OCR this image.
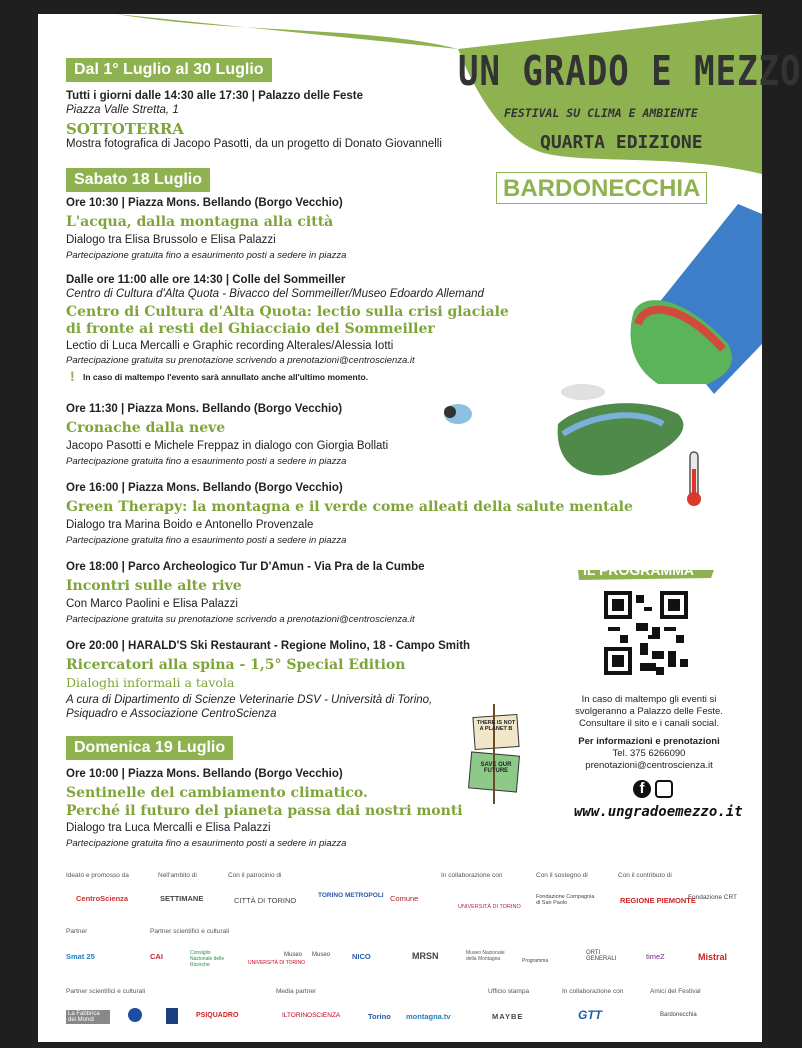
UN GRADO E MEZZO
FESTIVAL SU CLIMA E AMBIENTE
QUARTA EDIZIONE
BARDONECCHIA
Dal 1° Luglio al 30 Luglio
Tutti i giorni dalle 14:30 alle 17:30 | Palazzo delle Feste
Piazza Valle Stretta, 1
SOTTOTERRA
Mostra fotografica di Jacopo Pasotti, da un progetto di Donato Giovannelli
Sabato 18 Luglio
Ore 10:30 | Piazza Mons. Bellando (Borgo Vecchio)
L'acqua, dalla montagna alla città
Dialogo tra Elisa Brussolo e Elisa Palazzi
Partecipazione gratuita fino a esaurimento posti a sedere in piazza
Dalle ore 11:00 alle ore 14:30 | Colle del Sommeiller
Centro di Cultura d'Alta Quota - Bivacco del Sommeiller/Museo Edoardo Allemand
Centro di Cultura d'Alta Quota: lectio sulla crisi glaciale
di fronte ai resti del Ghiacciaio del Sommeiller
Lectio di Luca Mercalli e Graphic recording Alterales/Alessia Iotti
Partecipazione gratuita su prenotazione scrivendo a prenotazioni@centroscienza.it
! In caso di maltempo l'evento sarà annullato anche all'ultimo momento.
Ore 11:30 | Piazza Mons. Bellando (Borgo Vecchio)
Cronache dalla neve
Jacopo Pasotti e Michele Freppaz in dialogo con Giorgia Bollati
Partecipazione gratuita fino a esaurimento posti a sedere in piazza
Ore 16:00 | Piazza Mons. Bellando (Borgo Vecchio)
Green Therapy: la montagna e il verde come alleati della salute mentale
Dialogo tra Marina Boido e Antonello Provenzale
Partecipazione gratuita fino a esaurimento posti a sedere in piazza
Ore 18:00 | Parco Archeologico Tur D'Amun - Via Pra de la Cumbe
Incontri sulle alte rive
Con Marco Paolini e Elisa Palazzi
Partecipazione gratuita su prenotazione scrivendo a prenotazioni@centroscienza.it
Ore 20:00 | HARALD'S Ski Restaurant - Regione Molino, 18 - Campo Smith
Ricercatori alla spina - 1,5° Special Edition
Dialoghi informali a tavola
A cura di Dipartimento di Scienze Veterinarie DSV - Università di Torino,
Psiquadro e Associazione CentroScienza
Domenica 19 Luglio
Ore 10:00 | Piazza Mons. Bellando (Borgo Vecchio)
Sentinelle del cambiamento climatico.
Perché il futuro del pianeta passa dai nostri monti
Dialogo tra Luca Mercalli e Elisa Palazzi
Partecipazione gratuita fino a esaurimento posti a sedere in piazza
IL PROGRAMMA
In caso di maltempo gli eventi si
svolgeranno a Palazzo delle Feste.
Consultare il sito e i canali social.
Per informazioni e prenotazioni
Tel. 375 6266090
prenotazioni@centroscienza.it
f
www.ungradoemezzo.it
THERE IS NOT A PLANET B
SAVE OUR FUTURE
Ideato e promosso da	Nell'ambito di	Con il patrocinio di	In collaborazione con	Con il sostegno di	Con il contributo di
CentroScienza	SETTIMANE	CITTÀ DI TORINO
TORINO METROPOLI Comune
UNIVERSITÀ DI TORINO
Fondazione Compagnia di San Paolo	REGIONE PIEMONTE
Fondazione CRT
Partner	Partner scientifici e culturali
Smat 25	CAI	Consiglio Nazionale delle Ricerche	UNIVERSITÀ DI TORINO
Museo Museo	NICO	MRSN	Museo Nazionale della Montagna	Programma
ORTI GENERALI	timeZ	Mistral
Partner scientifici e culturali	Media partner	Ufficio stampa	In collaborazione con	Amici del Festival
La Fabbrica dei Mondi
PSIQUADRO	ILTORINOSCIENZA	Torino montagna.tv	MAYBE	GTT	Bardonecchia
